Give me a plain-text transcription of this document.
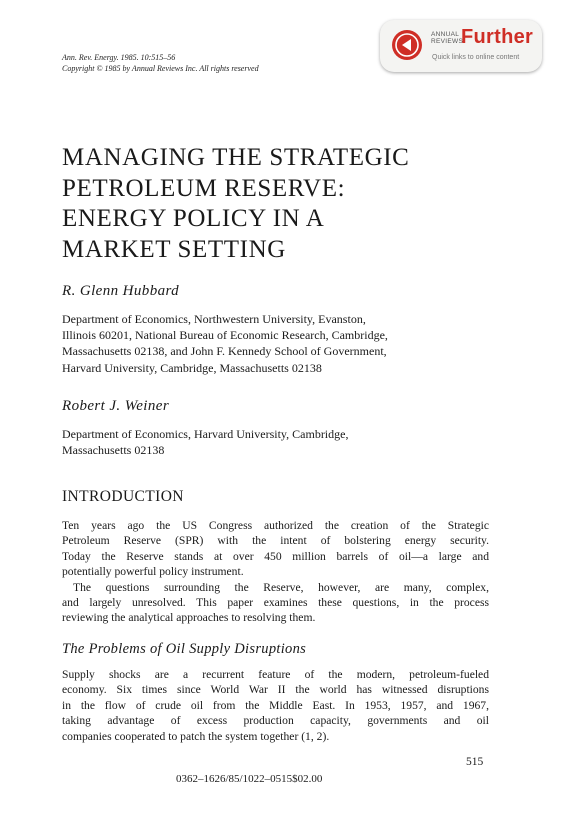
Ann. Rev. Energy. 1985. 10:515–56
Copyright © 1985 by Annual Reviews Inc. All rights reserved
ANNUAL
REVIEWS
Further
Quick links to online content
MANAGING THE STRATEGIC
PETROLEUM RESERVE:
ENERGY POLICY IN A
MARKET SETTING
R. Glenn Hubbard
Department of Economics, Northwestern University, Evanston,
Illinois 60201, National Bureau of Economic Research, Cambridge,
Massachusetts 02138, and John F. Kennedy School of Government,
Harvard University, Cambridge, Massachusetts 02138
Robert J. Weiner
Department of Economics, Harvard University, Cambridge,
Massachusetts 02138
INTRODUCTION
Ten years ago the US Congress authorized the creation of the Strategic
Petroleum Reserve (SPR) with the intent of bolstering energy security.
Today the Reserve stands at over 450 million barrels of oil—a large and
potentially powerful policy instrument.
The questions surrounding the Reserve, however, are many, complex,
and largely unresolved. This paper examines these questions, in the process
reviewing the analytical approaches to resolving them.
The Problems of Oil Supply Disruptions
Supply shocks are a recurrent feature of the modern, petroleum-fueled
economy. Six times since World War II the world has witnessed disruptions
in the flow of crude oil from the Middle East. In 1953, 1957, and 1967,
taking advantage of excess production capacity, governments and oil
companies cooperated to patch the system together (1, 2).
515
0362–1626/85/1022–0515$02.00
